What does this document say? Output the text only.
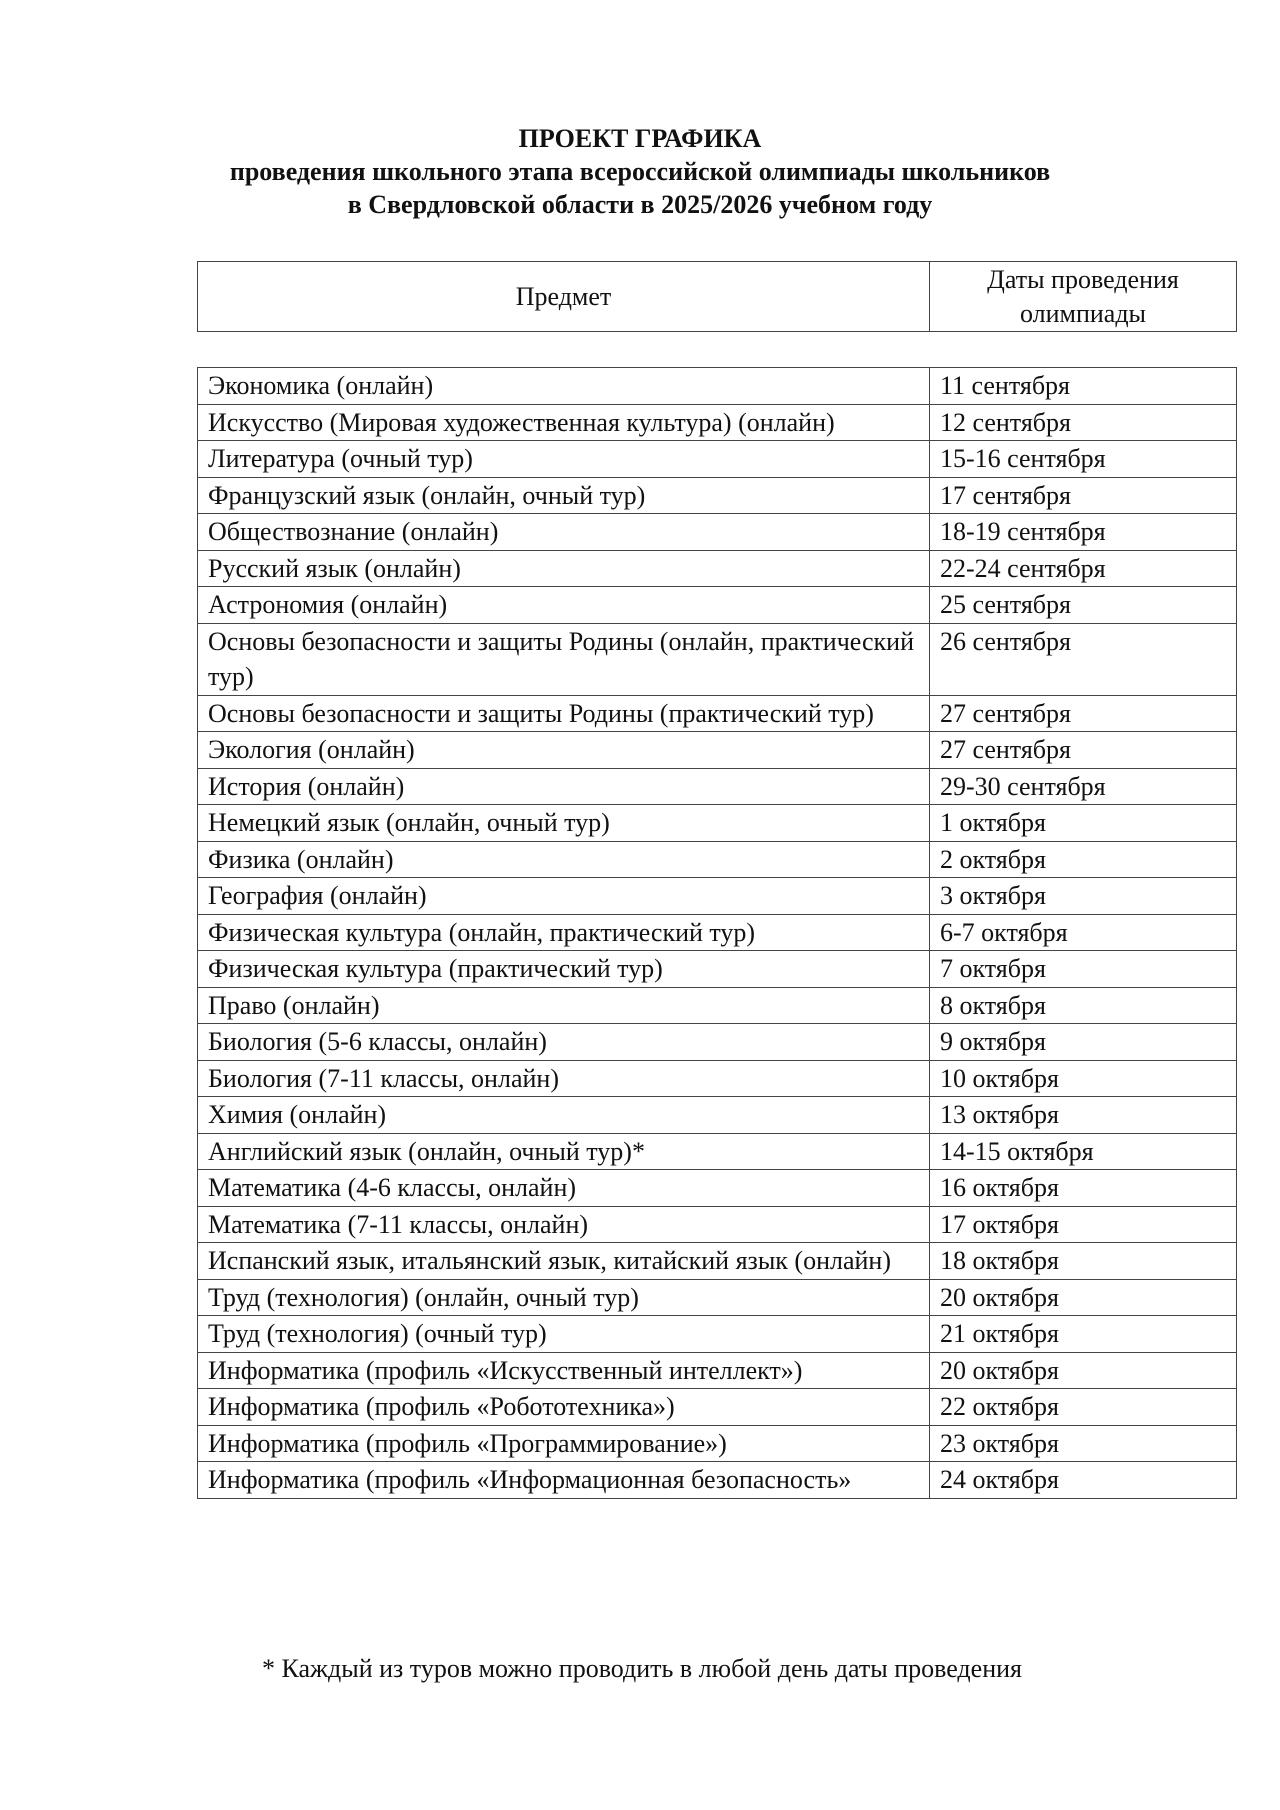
ПРОЕКТ ГРАФИКА
проведения школьного этапа всероссийской олимпиады школьников
в Свердловской области в 2025/2026 учебном году
Предмет	Даты проведения олимпиады
Экономика (онлайн)	11 сентября
Искусство (Мировая художественная культура) (онлайн)	12 сентября
Литература (очный тур)	15-16 сентября
Французский язык (онлайн, очный тур)	17 сентября
Обществознание (онлайн)	18-19 сентября
Русский язык (онлайн)	22-24 сентября
Астрономия (онлайн)	25 сентября
Основы безопасности и защиты Родины (онлайн, практический тур)	26 сентября
Основы безопасности и защиты Родины (практический тур)	27 сентября
Экология (онлайн)	27 сентября
История (онлайн)	29-30 сентября
Немецкий язык (онлайн, очный тур)	1 октября
Физика (онлайн)	2 октября
География (онлайн)	3 октября
Физическая культура (онлайн, практический тур)	6-7 октября
Физическая культура (практический тур)	7 октября
Право (онлайн)	8 октября
Биология (5-6 классы, онлайн)	9 октября
Биология (7-11 классы, онлайн)	10 октября
Химия (онлайн)	13 октября
Английский язык (онлайн, очный тур)*	14-15 октября
Математика (4-6 классы, онлайн)	16 октября
Математика (7-11 классы, онлайн)	17 октября
Испанский язык, итальянский язык, китайский язык (онлайн)	18 октября
Труд (технология) (онлайн, очный тур)	20 октября
Труд (технология) (очный тур)	21 октября
Информатика (профиль «Искусственный интеллект»)	20 октября
Информатика (профиль «Робототехника»)	22 октября
Информатика (профиль «Программирование»)	23 октября
Информатика (профиль «Информационная безопасность»	24 октября
* Каждый из туров можно проводить в любой день даты проведения
